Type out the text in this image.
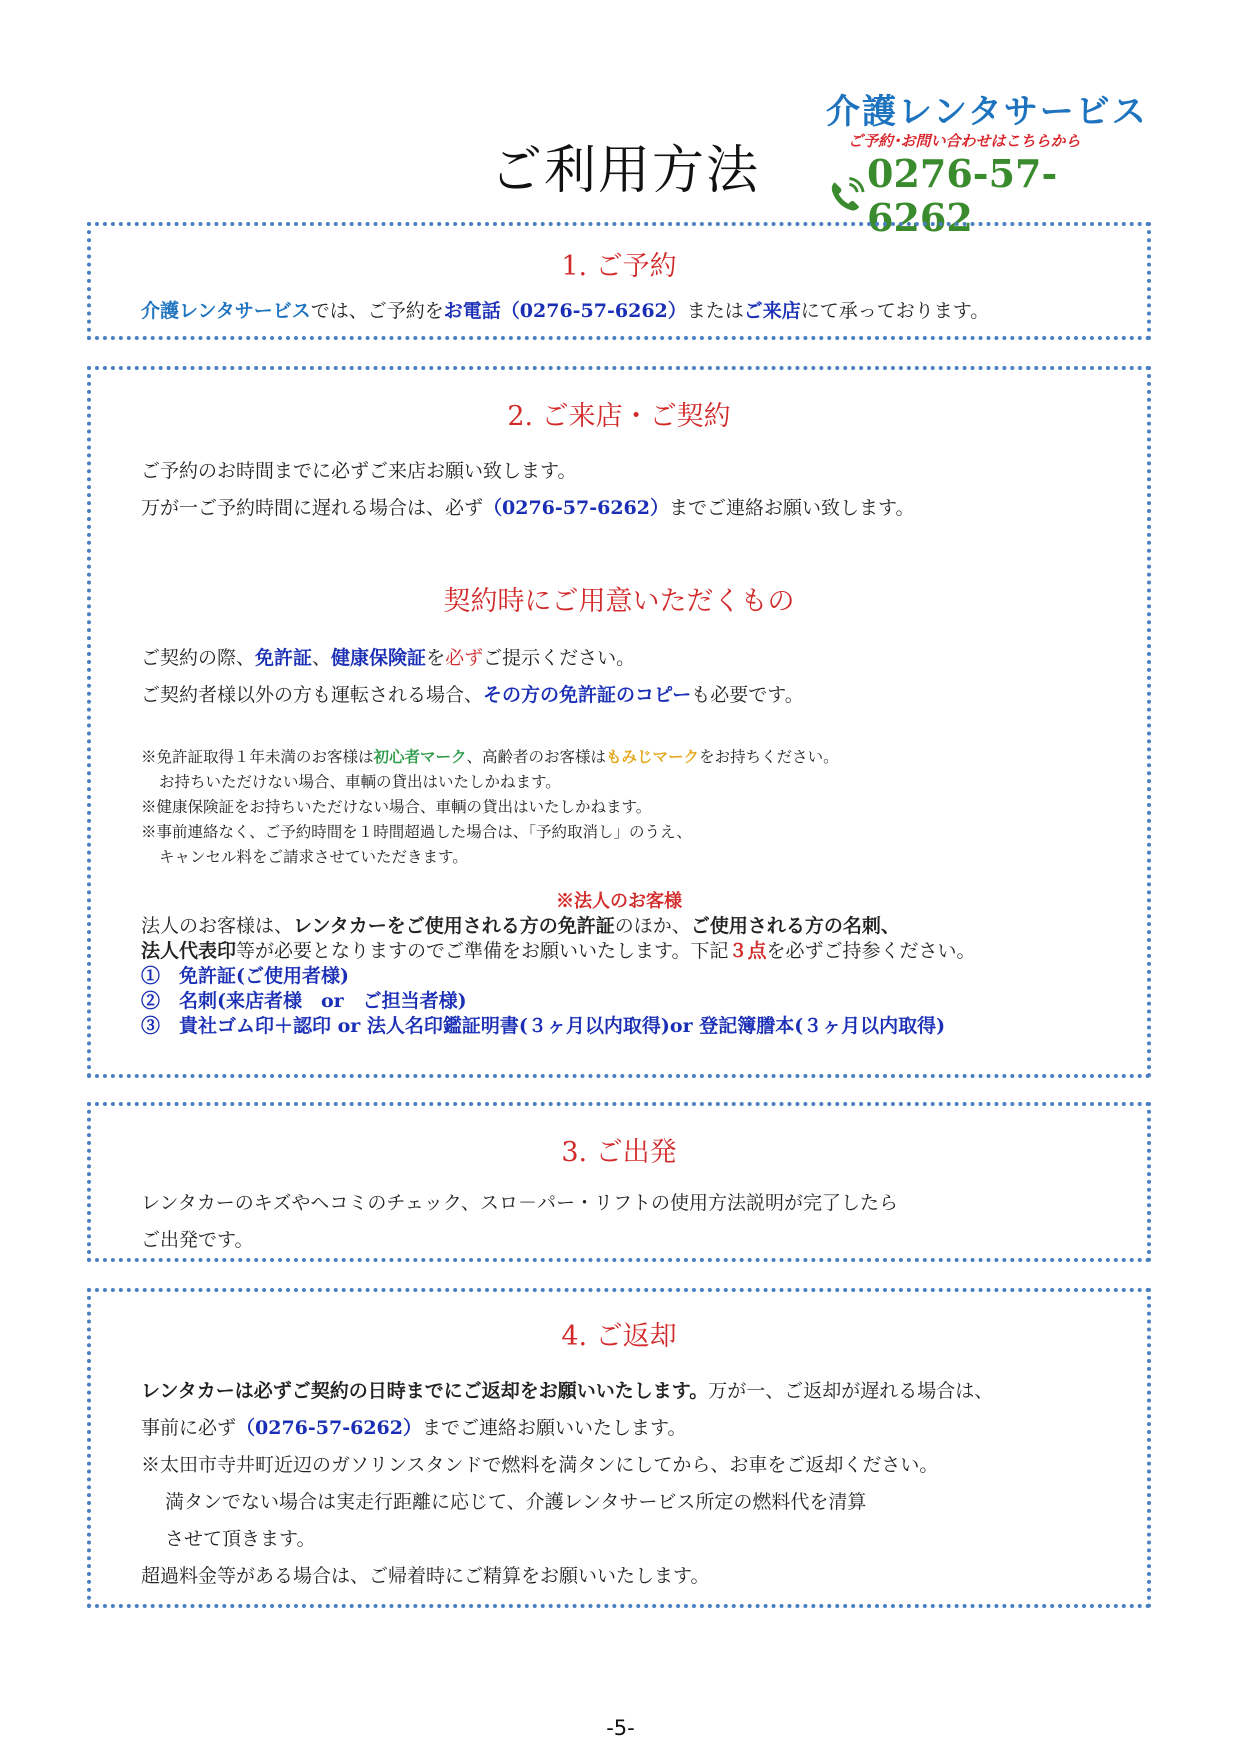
ご利用方法
介護レンタサービス
ご予約･お問い合わせはこちらから
0276-57-6262
1. ご予約

介護レンタサービスでは、ご予約をお電話（0276-57-6262）またはご来店にて承っております。

2. ご来店・ご契約

ご予約のお時間までに必ずご来店お願い致します。

万が一ご予約時間に遅れる場合は、必ず（0276-57-6262）までご連絡お願い致します。

契約時にご用意いただくもの

ご契約の際、免許証、健康保険証を必ずご提示ください。

ご契約者様以外の方も運転される場合、その方の免許証のコピーも必要です。

※免許証取得１年未満のお客様は初心者マーク、高齢者のお客様はもみじマークをお持ちください。

お持ちいただけない場合、車輌の貸出はいたしかねます。

※健康保険証をお持ちいただけない場合、車輌の貸出はいたしかねます。

※事前連絡なく、ご予約時間を１時間超過した場合は、「予約取消し」のうえ、

キャンセル料をご請求させていただきます。

※法人のお客様

法人のお客様は、レンタカーをご使用される方の免許証のほか、ご使用される方の名刺、

法人代表印等が必要となりますのでご準備をお願いいたします。下記３点を必ずご持参ください。

①　免許証(ご使用者様)

②　名刺(来店者様　or　ご担当者様)

③　貴社ゴム印＋認印 or 法人名印鑑証明書(３ヶ月以内取得)or 登記簿謄本(３ヶ月以内取得)

3. ご出発

レンタカーのキズやヘコミのチェック、スロ－パー・リフトの使用方法説明が完了したら

ご出発です。

4. ご返却

レンタカーは必ずご契約の日時までにご返却をお願いいたします。万が一、ご返却が遅れる場合は、

事前に必ず（0276-57-6262）までご連絡お願いいたします。

※太田市寺井町近辺のガソリンスタンドで燃料を満タンにしてから、お車をご返却ください。

満タンでない場合は実走行距離に応じて、介護レンタサービス所定の燃料代を清算

させて頂きます。

超過料金等がある場合は、ご帰着時にご精算をお願いいたします。

-5-
